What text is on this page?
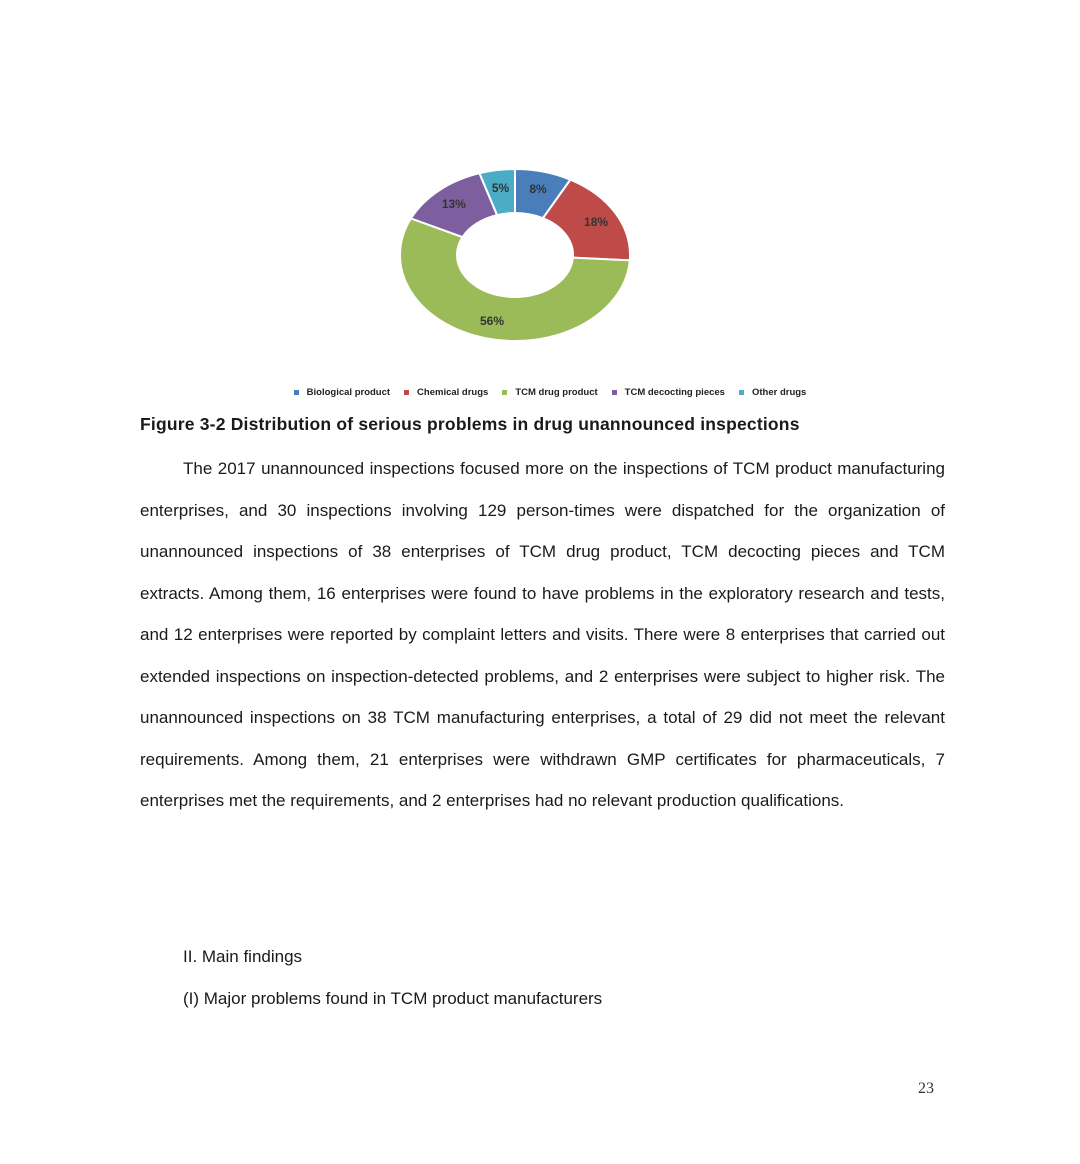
8%
18%
56%
13%
5%
Biological product	Chemical drugs	TCM drug product	TCM decocting pieces	Other drugs
Figure 3-2 Distribution of serious problems in drug unannounced inspections

The 2017 unannounced inspections focused more on the inspections of TCM product manufacturing enterprises, and 30 inspections involving 129 person-times were dispatched for the organization of unannounced inspections of 38 enterprises of TCM drug product, TCM decocting pieces and TCM extracts. Among them, 16 enterprises were found to have problems in the exploratory research and tests, and 12 enterprises were reported by complaint letters and visits. There were 8 enterprises that carried out extended inspections on inspection-detected problems, and 2 enterprises were subject to higher risk. The unannounced inspections on 38 TCM manufacturing enterprises, a total of 29 did not meet the relevant requirements. Among them, 21 enterprises were withdrawn GMP certificates for pharmaceuticals, 7 enterprises met the requirements, and 2 enterprises had no relevant production qualifications.

II. Main findings
(I) Major problems found in TCM product manufacturers
23
